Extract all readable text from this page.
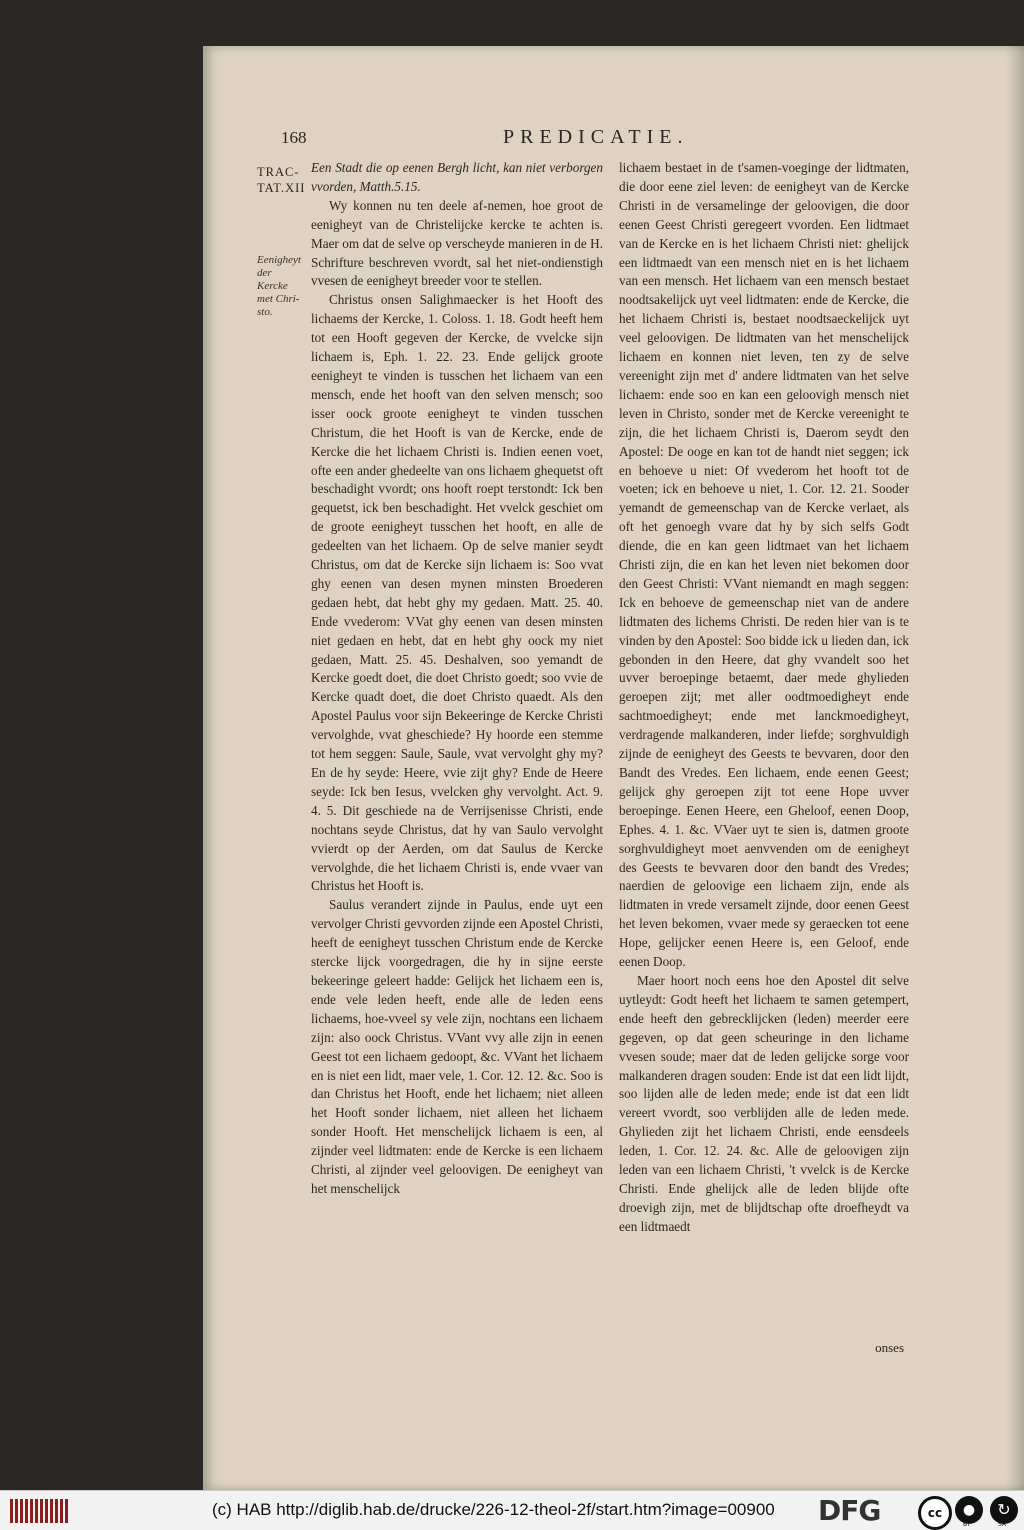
168	PREDICATIE.
TRAC-
TAT.XII
Eenigheyt der Kercke met Chri-sto.

Een Stadt die op eenen Bergh licht, kan niet verborgen vvorden, Matth.5.15.

Wy konnen nu ten deele af-nemen, hoe groot de eenigheyt van de Christelijcke kercke te achten is. Maer om dat de selve op verscheyde manieren in de H. Schrifture beschreven vvordt, sal het niet-ondienstigh vvesen de eenigheyt breeder voor te stellen.

Christus onsen Salighmaecker is het Hooft des lichaems der Kercke, 1. Coloss. 1. 18. Godt heeft hem tot een Hooft gegeven der Kercke, de vvelcke sijn lichaem is, Eph. 1. 22. 23. Ende gelijck groote eenigheyt te vinden is tusschen het lichaem van een mensch, ende het hooft van den selven mensch; soo isser oock groote eenigheyt te vinden tusschen Christum, die het Hooft is van de Kercke, ende de Kercke die het lichaem Christi is. Indien eenen voet, ofte een ander ghedeelte van ons lichaem ghequetst oft beschadight vvordt; ons hooft roept terstondt: Ick ben gequetst, ick ben beschadight. Het vvelck geschiet om de groote eenigheyt tusschen het hooft, en alle de gedeelten van het lichaem. Op de selve manier seydt Christus, om dat de Kercke sijn lichaem is: Soo vvat ghy eenen van desen mynen minsten Broederen gedaen hebt, dat hebt ghy my gedaen. Matt. 25. 40. Ende vvederom: VVat ghy eenen van desen minsten niet gedaen en hebt, dat en hebt ghy oock my niet gedaen, Matt. 25. 45. Deshalven, soo yemandt de Kercke goedt doet, die doet Christo goedt; soo vvie de Kercke quadt doet, die doet Christo quaedt. Als den Apostel Paulus voor sijn Bekeeringe de Kercke Christi vervolghde, vvat gheschiede? Hy hoorde een stemme tot hem seggen: Saule, Saule, vvat vervolght ghy my? En de hy seyde: Heere, vvie zijt ghy? Ende de Heere seyde: Ick ben Iesus, vvelcken ghy vervolght. Act. 9. 4. 5. Dit geschiede na de Verrijsenisse Christi, ende nochtans seyde Christus, dat hy van Saulo vervolght vvierdt op der Aerden, om dat Saulus de Kercke vervolghde, die het lichaem Christi is, ende vvaer van Christus het Hooft is.

Saulus verandert zijnde in Paulus, ende uyt een vervolger Christi gevvorden zijnde een Apostel Christi, heeft de eenigheyt tusschen Christum ende de Kercke stercke lijck voorgedragen, die hy in sijne eerste bekeeringe geleert hadde: Gelijck het lichaem een is, ende vele leden heeft, ende alle de leden eens lichaems, hoe-vveel sy vele zijn, nochtans een lichaem zijn: also oock Christus. VVant vvy alle zijn in eenen Geest tot een lichaem gedoopt, &c. VVant het lichaem en is niet een lidt, maer vele, 1. Cor. 12. 12. &c. Soo is dan Christus het Hooft, ende het lichaem; niet alleen het Hooft sonder lichaem, niet alleen het lichaem sonder Hooft. Het menschelijck lichaem is een, al zijnder veel lidtmaten: ende de Kercke is een lichaem Christi, al zijnder veel geloovigen. De eenigheyt van het menschelijck

lichaem bestaet in de t'samen-voeginge der lidtmaten, die door eene ziel leven: de eenigheyt van de Kercke Christi in de versamelinge der geloovigen, die door eenen Geest Christi geregeert vvorden. Een lidtmaet van de Kercke en is het lichaem Christi niet: ghelijck een lidtmaedt van een mensch niet en is het lichaem van een mensch. Het lichaem van een mensch bestaet noodtsakelijck uyt veel lidtmaten: ende de Kercke, die het lichaem Christi is, bestaet noodtsaeckelijck uyt veel geloovigen. De lidtmaten van het menschelijck lichaem en konnen niet leven, ten zy de selve vereenight zijn met d' andere lidtmaten van het selve lichaem: ende soo en kan een geloovigh mensch niet leven in Christo, sonder met de Kercke vereenight te zijn, die het lichaem Christi is, Daerom seydt den Apostel: De ooge en kan tot de handt niet seggen; ick en behoeve u niet: Of vvederom het hooft tot de voeten; ick en behoeve u niet, 1. Cor. 12. 21. Sooder yemandt de gemeenschap van de Kercke verlaet, als oft het genoegh vvare dat hy by sich selfs Godt diende, die en kan geen lidtmaet van het lichaem Christi zijn, die en kan het leven niet bekomen door den Geest Christi: VVant niemandt en magh seggen: Ick en behoeve de gemeenschap niet van de andere lidtmaten des lichems Christi. De reden hier van is te vinden by den Apostel: Soo bidde ick u lieden dan, ick gebonden in den Heere, dat ghy vvandelt soo het uvver beroepinge betaemt, daer mede ghylieden geroepen zijt; met aller oodtmoedigheyt ende sachtmoedigheyt; ende met lanckmoedigheyt, verdragende malkanderen, inder liefde; sorghvuldigh zijnde de eenigheyt des Geests te bevvaren, door den Bandt des Vredes. Een lichaem, ende eenen Geest; gelijck ghy geroepen zijt tot eene Hope uvver beroepinge. Eenen Heere, een Gheloof, eenen Doop, Ephes. 4. 1. &c. VVaer uyt te sien is, datmen groote sorghvuldigheyt moet aenvvenden om de eenigheyt des Geests te bevvaren door den bandt des Vredes; naerdien de geloovige een lichaem zijn, ende als lidtmaten in vrede versamelt zijnde, door eenen Geest het leven bekomen, vvaer mede sy geraecken tot eene Hope, gelijcker eenen Heere is, een Geloof, ende eenen Doop.

Maer hoort noch eens hoe den Apostel dit selve uytleydt: Godt heeft het lichaem te samen getempert, ende heeft den gebrecklijcken (leden) meerder eere gegeven, op dat geen scheuringe in den lichame vvesen soude; maer dat de leden gelijcke sorge voor malkanderen dragen souden: Ende ist dat een lidt lijdt, soo lijden alle de leden mede; ende ist dat een lidt vereert vvordt, soo verblijden alle de leden mede. Ghylieden zijt het lichaem Christi, ende eensdeels leden, 1. Cor. 12. 24. &c. Alle de geloovigen zijn leden van een lichaem Christi, 't vvelck is de Kercke Christi. Ende ghelijck alle de leden blijde ofte droevigh zijn, met de blijdtschap ofte droefheydt va een lidtmaedt

onses
(c) HAB http://diglib.hab.de/drucke/226-12-theol-2f/start.htm?image=00900 DFG	cc	●
BY
↻
SA
